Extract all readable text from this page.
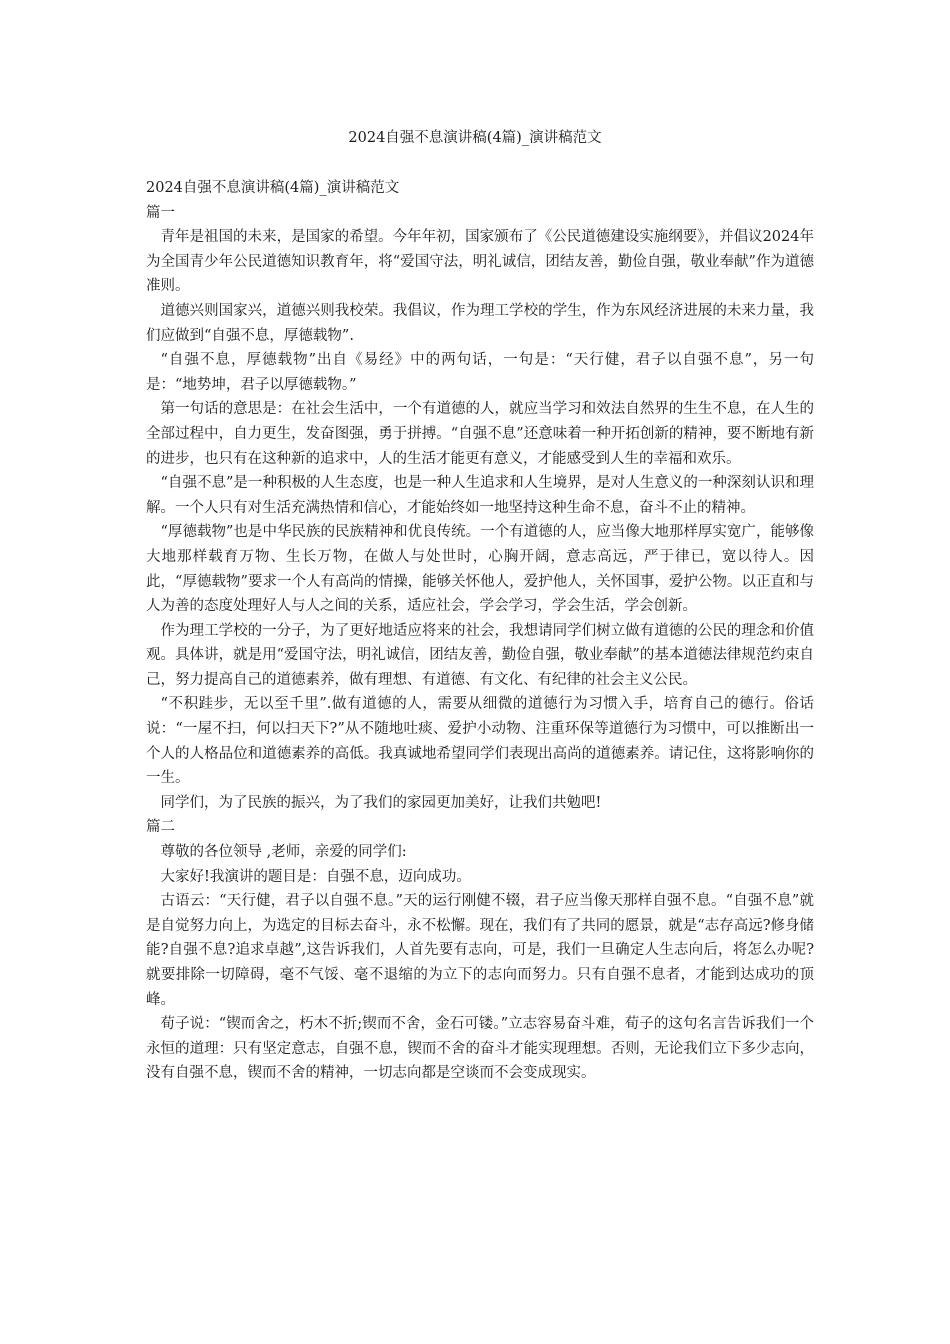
2024自强不息演讲稿(4篇)_演讲稿范文

2024自强不息演讲稿(4篇)_演讲稿范文

篇一

青年是祖国的未来，是国家的希望。今年年初，国家颁布了《公民道德建设实施纲要》，并倡议2024年为全国青少年公民道德知识教育年，将“爱国守法，明礼诚信，团结友善，勤俭自强，敬业奉献”作为道德准则。

道德兴则国家兴，道德兴则我校荣。我倡议，作为理工学校的学生，作为东风经济进展的未来力量，我们应做到“自强不息，厚德载物”.

“自强不息，厚德载物”出自《易经》中的两句话，一句是：“天行健，君子以自强不息”，另一句是：“地势坤，君子以厚德载物。”

第一句话的意思是：在社会生活中，一个有道德的人，就应当学习和效法自然界的生生不息，在人生的全部过程中，自力更生，发奋图强，勇于拼搏。“自强不息”还意味着一种开拓创新的精神，要不断地有新的进步，也只有在这种新的追求中，人的生活才能更有意义，才能感受到人生的幸福和欢乐。

“自强不息”是一种积极的人生态度，也是一种人生追求和人生境界，是对人生意义的一种深刻认识和理解。一个人只有对生活充满热情和信心，才能始终如一地坚持这种生命不息，奋斗不止的精神。

“厚德载物”也是中华民族的民族精神和优良传统。一个有道德的人，应当像大地那样厚实宽广，能够像大地那样载育万物、生长万物，在做人与处世时，心胸开阔，意志高远，严于律已，宽以待人。因此，“厚德载物”要求一个人有高尚的情操，能够关怀他人，爱护他人，关怀国事，爱护公物。以正直和与人为善的态度处理好人与人之间的关系，适应社会，学会学习，学会生活，学会创新。

作为理工学校的一分子，为了更好地适应将来的社会，我想请同学们树立做有道德的公民的理念和价值观。具体讲，就是用“爱国守法，明礼诚信，团结友善，勤俭自强，敬业奉献”的基本道德法律规范约束自己，努力提高自己的道德素养，做有理想、有道德、有文化、有纪律的社会主义公民。

“不积跬步，无以至千里”.做有道德的人，需要从细微的道德行为习惯入手，培育自己的德行。俗话说：“一屋不扫，何以扫天下?”从不随地吐痰、爱护小动物、注重环保等道德行为习惯中，可以推断出一个人的人格品位和道德素养的高低。我真诚地希望同学们表现出高尚的道德素养。请记住，这将影响你的一生。

同学们，为了民族的振兴，为了我们的家园更加美好，让我们共勉吧!

篇二

尊敬的各位领导 ,老师，亲爱的同学们:

大家好!我演讲的题目是：自强不息，迈向成功。

古语云：“天行健，君子以自强不息。”天的运行刚健不辍，君子应当像天那样自强不息。“自强不息”就是自觉努力向上，为选定的目标去奋斗，永不松懈。现在，我们有了共同的愿景，就是“志存高远?修身储能?自强不息?追求卓越”,这告诉我们，人首先要有志向，可是，我们一旦确定人生志向后，将怎么办呢?就要排除一切障碍，毫不气馁、毫不退缩的为立下的志向而努力。只有自强不息者，才能到达成功的顶峰。

荀子说：“锲而舍之，朽木不折;锲而不舍，金石可镂。”立志容易奋斗难，荀子的这句名言告诉我们一个永恒的道理：只有坚定意志，自强不息，锲而不舍的奋斗才能实现理想。否则，无论我们立下多少志向，没有自强不息，锲而不舍的精神，一切志向都是空谈而不会变成现实。
